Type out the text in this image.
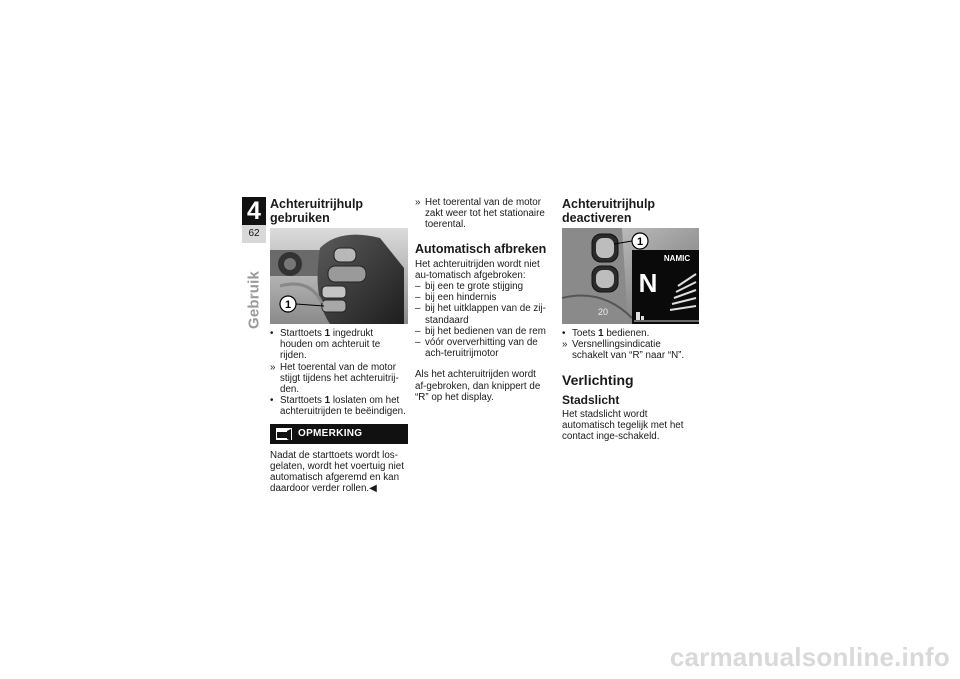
4
62
Gebruik
Achteruitrijhulp gebruiken
1
• Starttoets 1 ingedrukt houden om achteruit te rijden.
» Het toerental van de motor stijgt tijdens het achteruitrij-den.
• Starttoets 1 loslaten om het achteruitrijden te beëindigen.
OPMERKING

Nadat de starttoets wordt los-gelaten, wordt het voertuig niet automatisch afgeremd en kan daardoor verder rollen.◀

» Het toerental van de motor zakt weer tot het stationaire toerental.
Automatisch afbreken

Het achteruitrijden wordt niet au-tomatisch afgebroken:

– bij een te grote stijging
– bij een hindernis
– bij het uitklappen van de zij-standaard
– bij het bedienen van de rem
– vóór oververhitting van de ach-teruitrijmotor

Als het achteruitrijden wordt af-gebroken, dan knippert de “R” op het display.

Achteruitrijhulp deactiveren
20
NAMIC
N
1
• Toets 1 bedienen.
» Versnellingsindicatie schakelt van “R” naar “N”.
Verlichting
Stadslicht

Het stadslicht wordt automatisch tegelijk met het contact inge-schakeld.

carmanualsonline.info
